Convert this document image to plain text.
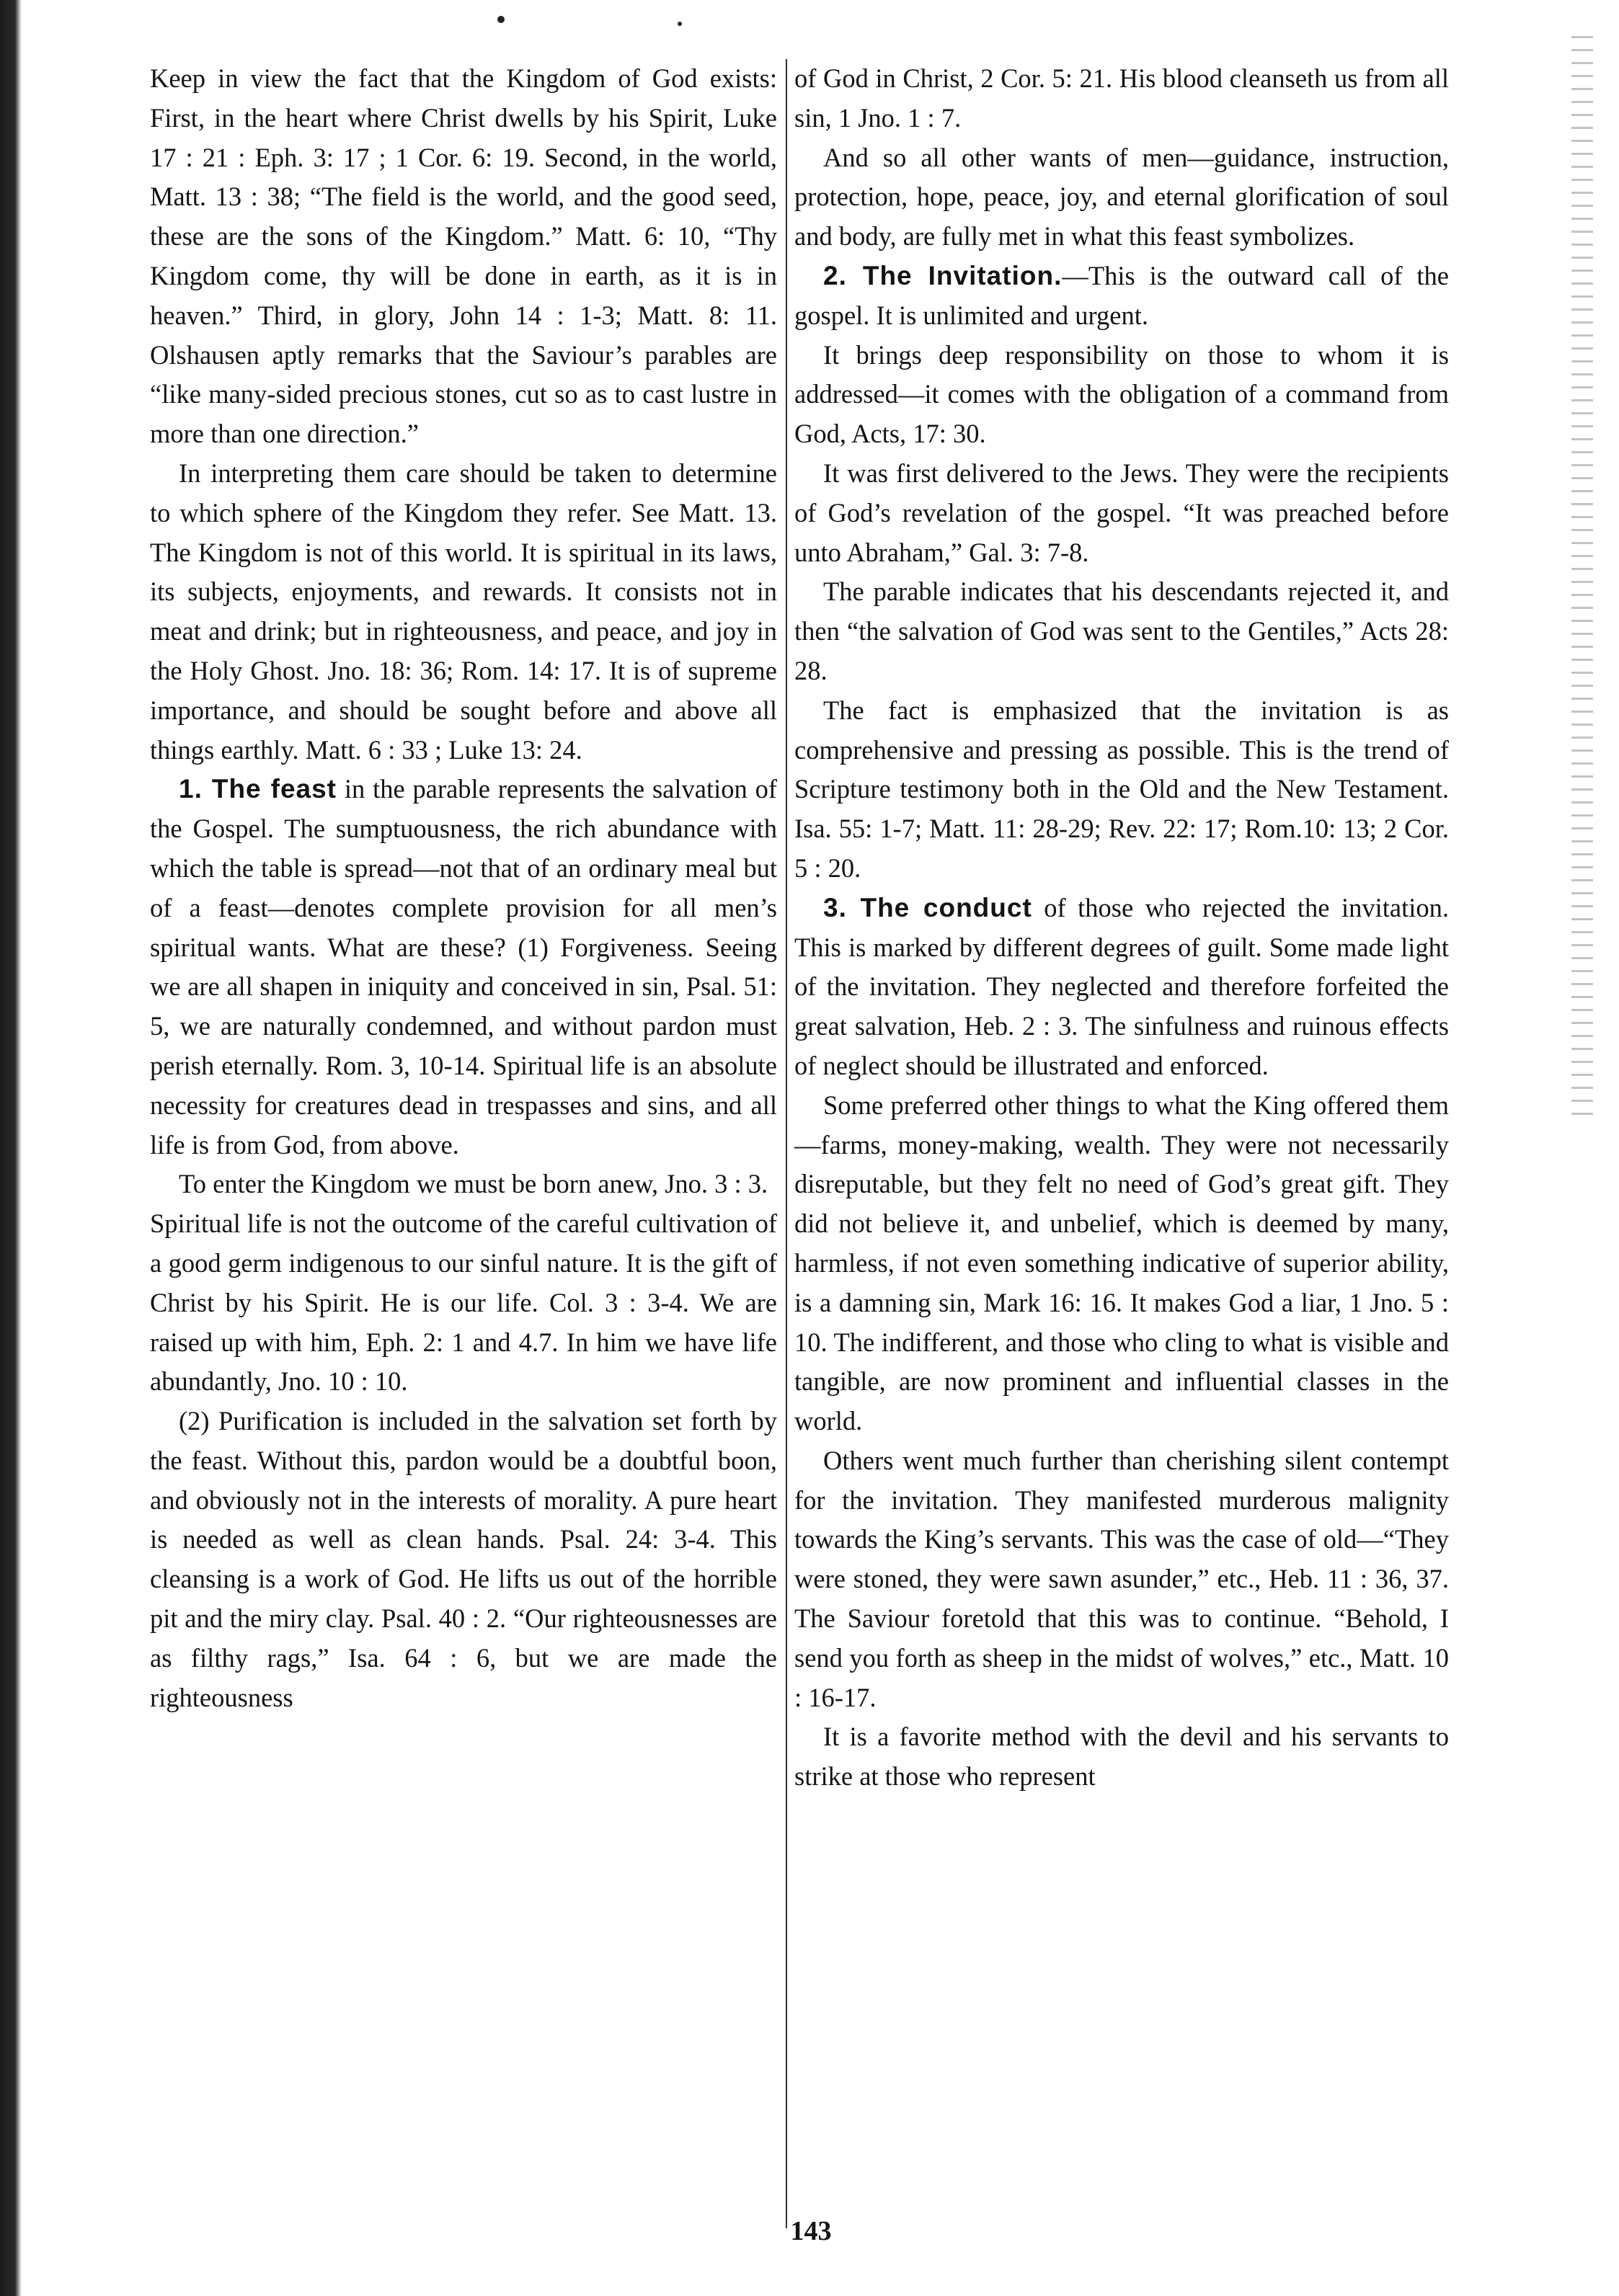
Keep in view the fact that the Kingdom of God exists: First, in the heart where Christ dwells by his Spirit, Luke 17 : 21 : Eph. 3: 17 ; 1 Cor. 6: 19. Second, in the world, Matt. 13 : 38; “The field is the world, and the good seed, these are the sons of the Kingdom.” Matt. 6: 10, “Thy Kingdom come, thy will be done in earth, as it is in heaven.” Third, in glory, John 14 : 1-3; Matt. 8: 11. Olshausen aptly remarks that the Saviour’s parables are “like many-sided precious stones, cut so as to cast lustre in more than one direction.”

In interpreting them care should be taken to determine to which sphere of the Kingdom they refer. See Matt. 13. The Kingdom is not of this world. It is spiritual in its laws, its subjects, enjoyments, and rewards. It consists not in meat and drink; but in righteousness, and peace, and joy in the Holy Ghost. Jno. 18: 36; Rom. 14: 17. It is of supreme importance, and should be sought before and above all things earthly. Matt. 6 : 33 ; Luke 13: 24.

1. The feast in the parable represents the salvation of the Gospel. The sumptuousness, the rich abundance with which the table is spread—not that of an ordinary meal but of a feast—denotes complete provision for all men’s spiritual wants. What are these? (1) Forgiveness. Seeing we are all shapen in iniquity and conceived in sin, Psal. 51: 5, we are naturally condemned, and without pardon must perish eternally. Rom. 3, 10-14. Spiritual life is an absolute necessity for creatures dead in trespasses and sins, and all life is from God, from above.

To enter the Kingdom we must be born anew, Jno. 3 : 3.

Spiritual life is not the outcome of the careful cultivation of a good germ indigenous to our sinful nature. It is the gift of Christ by his Spirit. He is our life. Col. 3 : 3-4. We are raised up with him, Eph. 2: 1 and 4.7. In him we have life abundantly, Jno. 10 : 10.

(2) Purification is included in the salvation set forth by the feast. Without this, pardon would be a doubtful boon, and obviously not in the interests of morality. A pure heart is needed as well as clean hands. Psal. 24: 3-4. This cleansing is a work of God. He lifts us out of the horrible pit and the miry clay. Psal. 40 : 2. “Our righteousnesses are as filthy rags,” Isa. 64 : 6, but we are made the righteousness

of God in Christ, 2 Cor. 5: 21. His blood cleanseth us from all sin, 1 Jno. 1 : 7.

And so all other wants of men—guidance, instruction, protection, hope, peace, joy, and eternal glorification of soul and body, are fully met in what this feast symbolizes.

2. The Invitation.—This is the outward call of the gospel. It is unlimited and urgent.

It brings deep responsibility on those to whom it is addressed—it comes with the obligation of a command from God, Acts, 17: 30.

It was first delivered to the Jews. They were the recipients of God’s revelation of the gospel. “It was preached before unto Abraham,” Gal. 3: 7-8.

The parable indicates that his descendants rejected it, and then “the salvation of God was sent to the Gentiles,” Acts 28: 28.

The fact is emphasized that the invitation is as comprehensive and pressing as possible. This is the trend of Scripture testimony both in the Old and the New Testament. Isa. 55: 1-7; Matt. 11: 28-29; Rev. 22: 17; Rom.10: 13; 2 Cor. 5 : 20.

3. The conduct of those who rejected the invitation. This is marked by different degrees of guilt. Some made light of the invitation. They neglected and therefore forfeited the great salvation, Heb. 2 : 3. The sinfulness and ruinous effects of neglect should be illustrated and enforced.

Some preferred other things to what the King offered them—farms, money-making, wealth. They were not necessarily disreputable, but they felt no need of God’s great gift. They did not believe it, and unbelief, which is deemed by many, harmless, if not even something indicative of superior ability, is a damning sin, Mark 16: 16. It makes God a liar, 1 Jno. 5 : 10. The indifferent, and those who cling to what is visible and tangible, are now prominent and influential classes in the world.

Others went much further than cherishing silent contempt for the invitation. They manifested murderous malignity towards the King’s servants. This was the case of old—“They were stoned, they were sawn asunder,” etc., Heb. 11 : 36, 37. The Saviour foretold that this was to continue. “Behold, I send you forth as sheep in the midst of wolves,” etc., Matt. 10 : 16-17.

It is a favorite method with the devil and his servants to strike at those who represent

143
